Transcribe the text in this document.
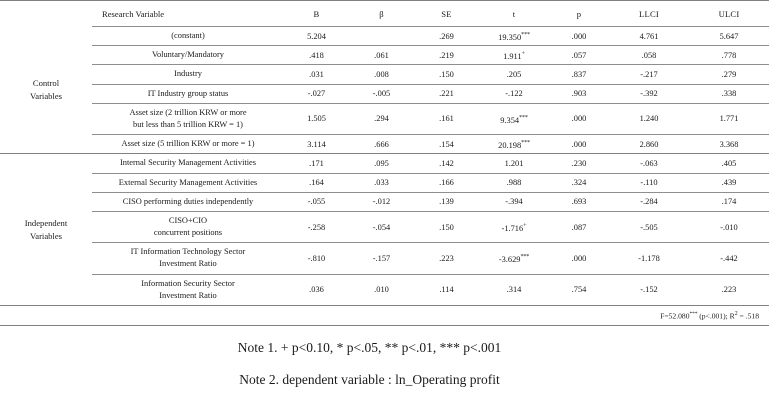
	Research Variable	B	β	SE	t	p	LLCI	ULCI

Control
Variables	(constant)	5.204		.269	19.350***	.000	4.761	5.647

	Voluntary/Mandatory	.418	.061	.219	1.911+	.057	.058	.778

	Industry	.031	.008	.150	.205	.837	-.217	.279

	IT Industry group status	-.027	-.005	.221	-.122	.903	-.392	.338

	Asset size (2 trillion KRW or more
but less than 5 trillion KRW = 1)	1.505	.294	.161	9.354***	.000	1.240	1.771

	Asset size (5 trillion KRW or more = 1)	3.114	.666	.154	20.198***	.000	2.860	3.368

Independent
Variables	Internal Security Management Activities	.171	.095	.142	1.201	.230	-.063	.405

	External Security Management Activities	.164	.033	.166	.988	.324	-.110	.439

	CISO performing duties independently	-.055	-.012	.139	-.394	.693	-.284	.174

	CISO+CIO
concurrent positions	-.258	-.054	.150	-1.716+	.087	-.505	-.010

	IT Information Technology Sector
Investment Ratio	-.810	-.157	.223	-3.629***	.000	-1.178	-.442

	Information Security Sector
Investment Ratio	.036	.010	.114	.314	.754	-.152	.223
F=52.080*** (p<.001); $R^2 = .518$								

Note 1. + p<0.10, * p<.05, ** p<.01, *** p<.001

Note 2. dependent variable : ln_Operating profit
